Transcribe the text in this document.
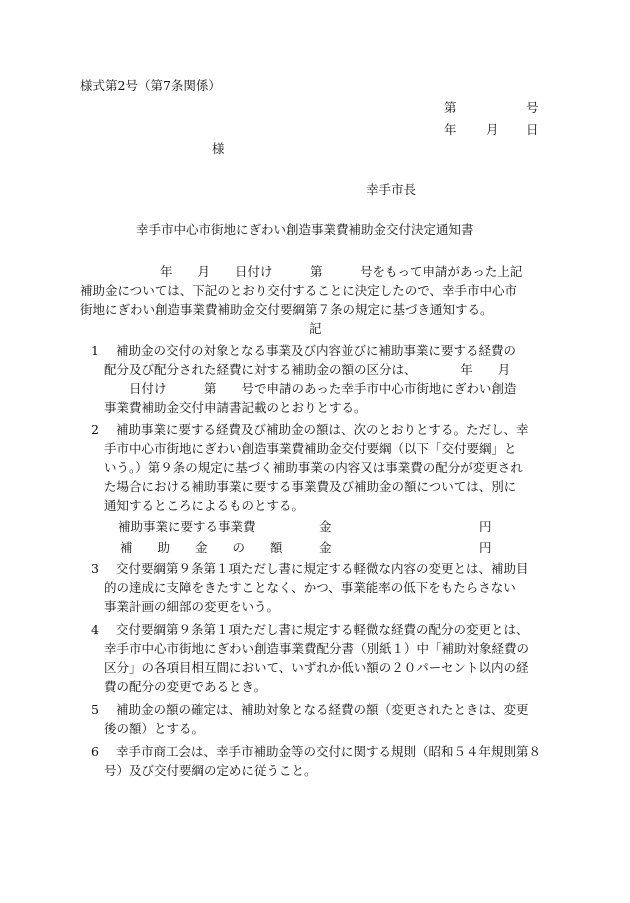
様式第2号（第7条関係）
第	号
年 月 日
様
幸手市長
幸手市中心市街地にぎわい創造事業費補助金交付決定通知書
年　　月　　日付け　　　第　　　号をもって申請があった上記
補助金については、下記のとおり交付することに決定したので、幸手市中心市
街地にぎわい創造事業費補助金交付要綱第７条の規定に基づき通知する。
記
1 補助金の交付の対象となる事業及び内容並びに補助事業に要する経費の
配分及び配分された経費に対する補助金の額の区分は、　　　　年　　月
　　日付け　　　第　　号で申請のあった幸手市中心市街地にぎわい創造
事業費補助金交付申請書記載のとおりとする。
2 補助事業に要する経費及び補助金の額は、次のとおりとする。ただし、幸
手市中心市街地にぎわい創造事業費補助金交付要綱（以下「交付要綱」と
いう。）第９条の規定に基づく補助事業の内容又は事業費の配分が変更され
た場合における補助事業に要する事業費及び補助金の額については、別に
通知するところによるものとする。
補助事業に要する事業費	金	円
補　　助　　金　　の　　額	金	円
3 交付要綱第９条第１項ただし書に規定する軽微な内容の変更とは、補助目
的の達成に支障をきたすことなく、かつ、事業能率の低下をもたらさない
事業計画の細部の変更をいう。
4 交付要綱第９条第１項ただし書に規定する軽微な経費の配分の変更とは、
幸手市中心市街地にぎわい創造事業費配分書（別紙１）中「補助対象経費の
区分」の各項目相互間において、いずれか低い額の２０パーセント以内の経
費の配分の変更であるとき。
5 補助金の額の確定は、補助対象となる経費の額（変更されたときは、変更
後の額）とする。
6 幸手市商工会は、幸手市補助金等の交付に関する規則（昭和５４年規則第８
号）及び交付要綱の定めに従うこと。
